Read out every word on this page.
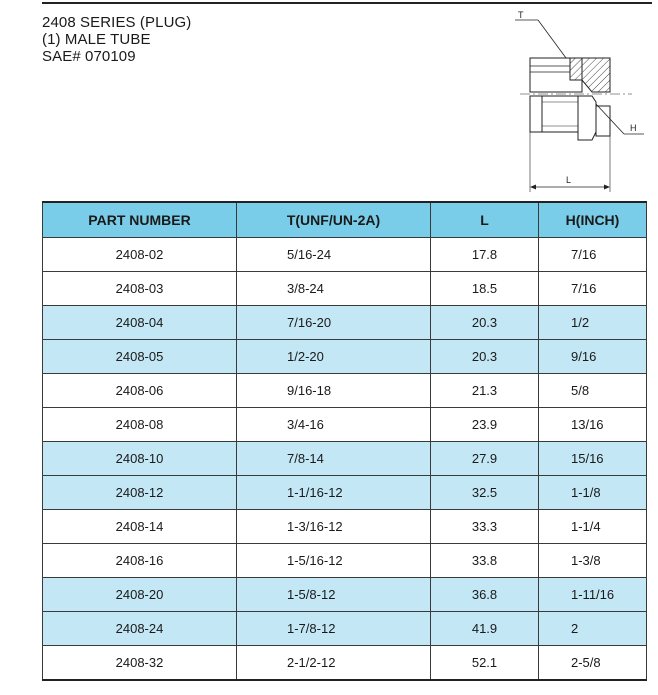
2408 SERIES (PLUG)
(1) MALE TUBE
SAE# 070109
T
H
L
PART NUMBER	T(UNF/UN-2A)	L	H(INCH)
2408-02	5/16-24	17.8	7/16
2408-03	3/8-24	18.5	7/16
2408-04	7/16-20	20.3	1/2
2408-05	1/2-20	20.3	9/16
2408-06	9/16-18	21.3	5/8
2408-08	3/4-16	23.9	13/16
2408-10	7/8-14	27.9	15/16
2408-12	1-1/16-12	32.5	1-1/8
2408-14	1-3/16-12	33.3	1-1/4
2408-16	1-5/16-12	33.8	1-3/8
2408-20	1-5/8-12	36.8	1-11/16
2408-24	1-7/8-12	41.9	2
2408-32	2-1/2-12	52.1	2-5/8
